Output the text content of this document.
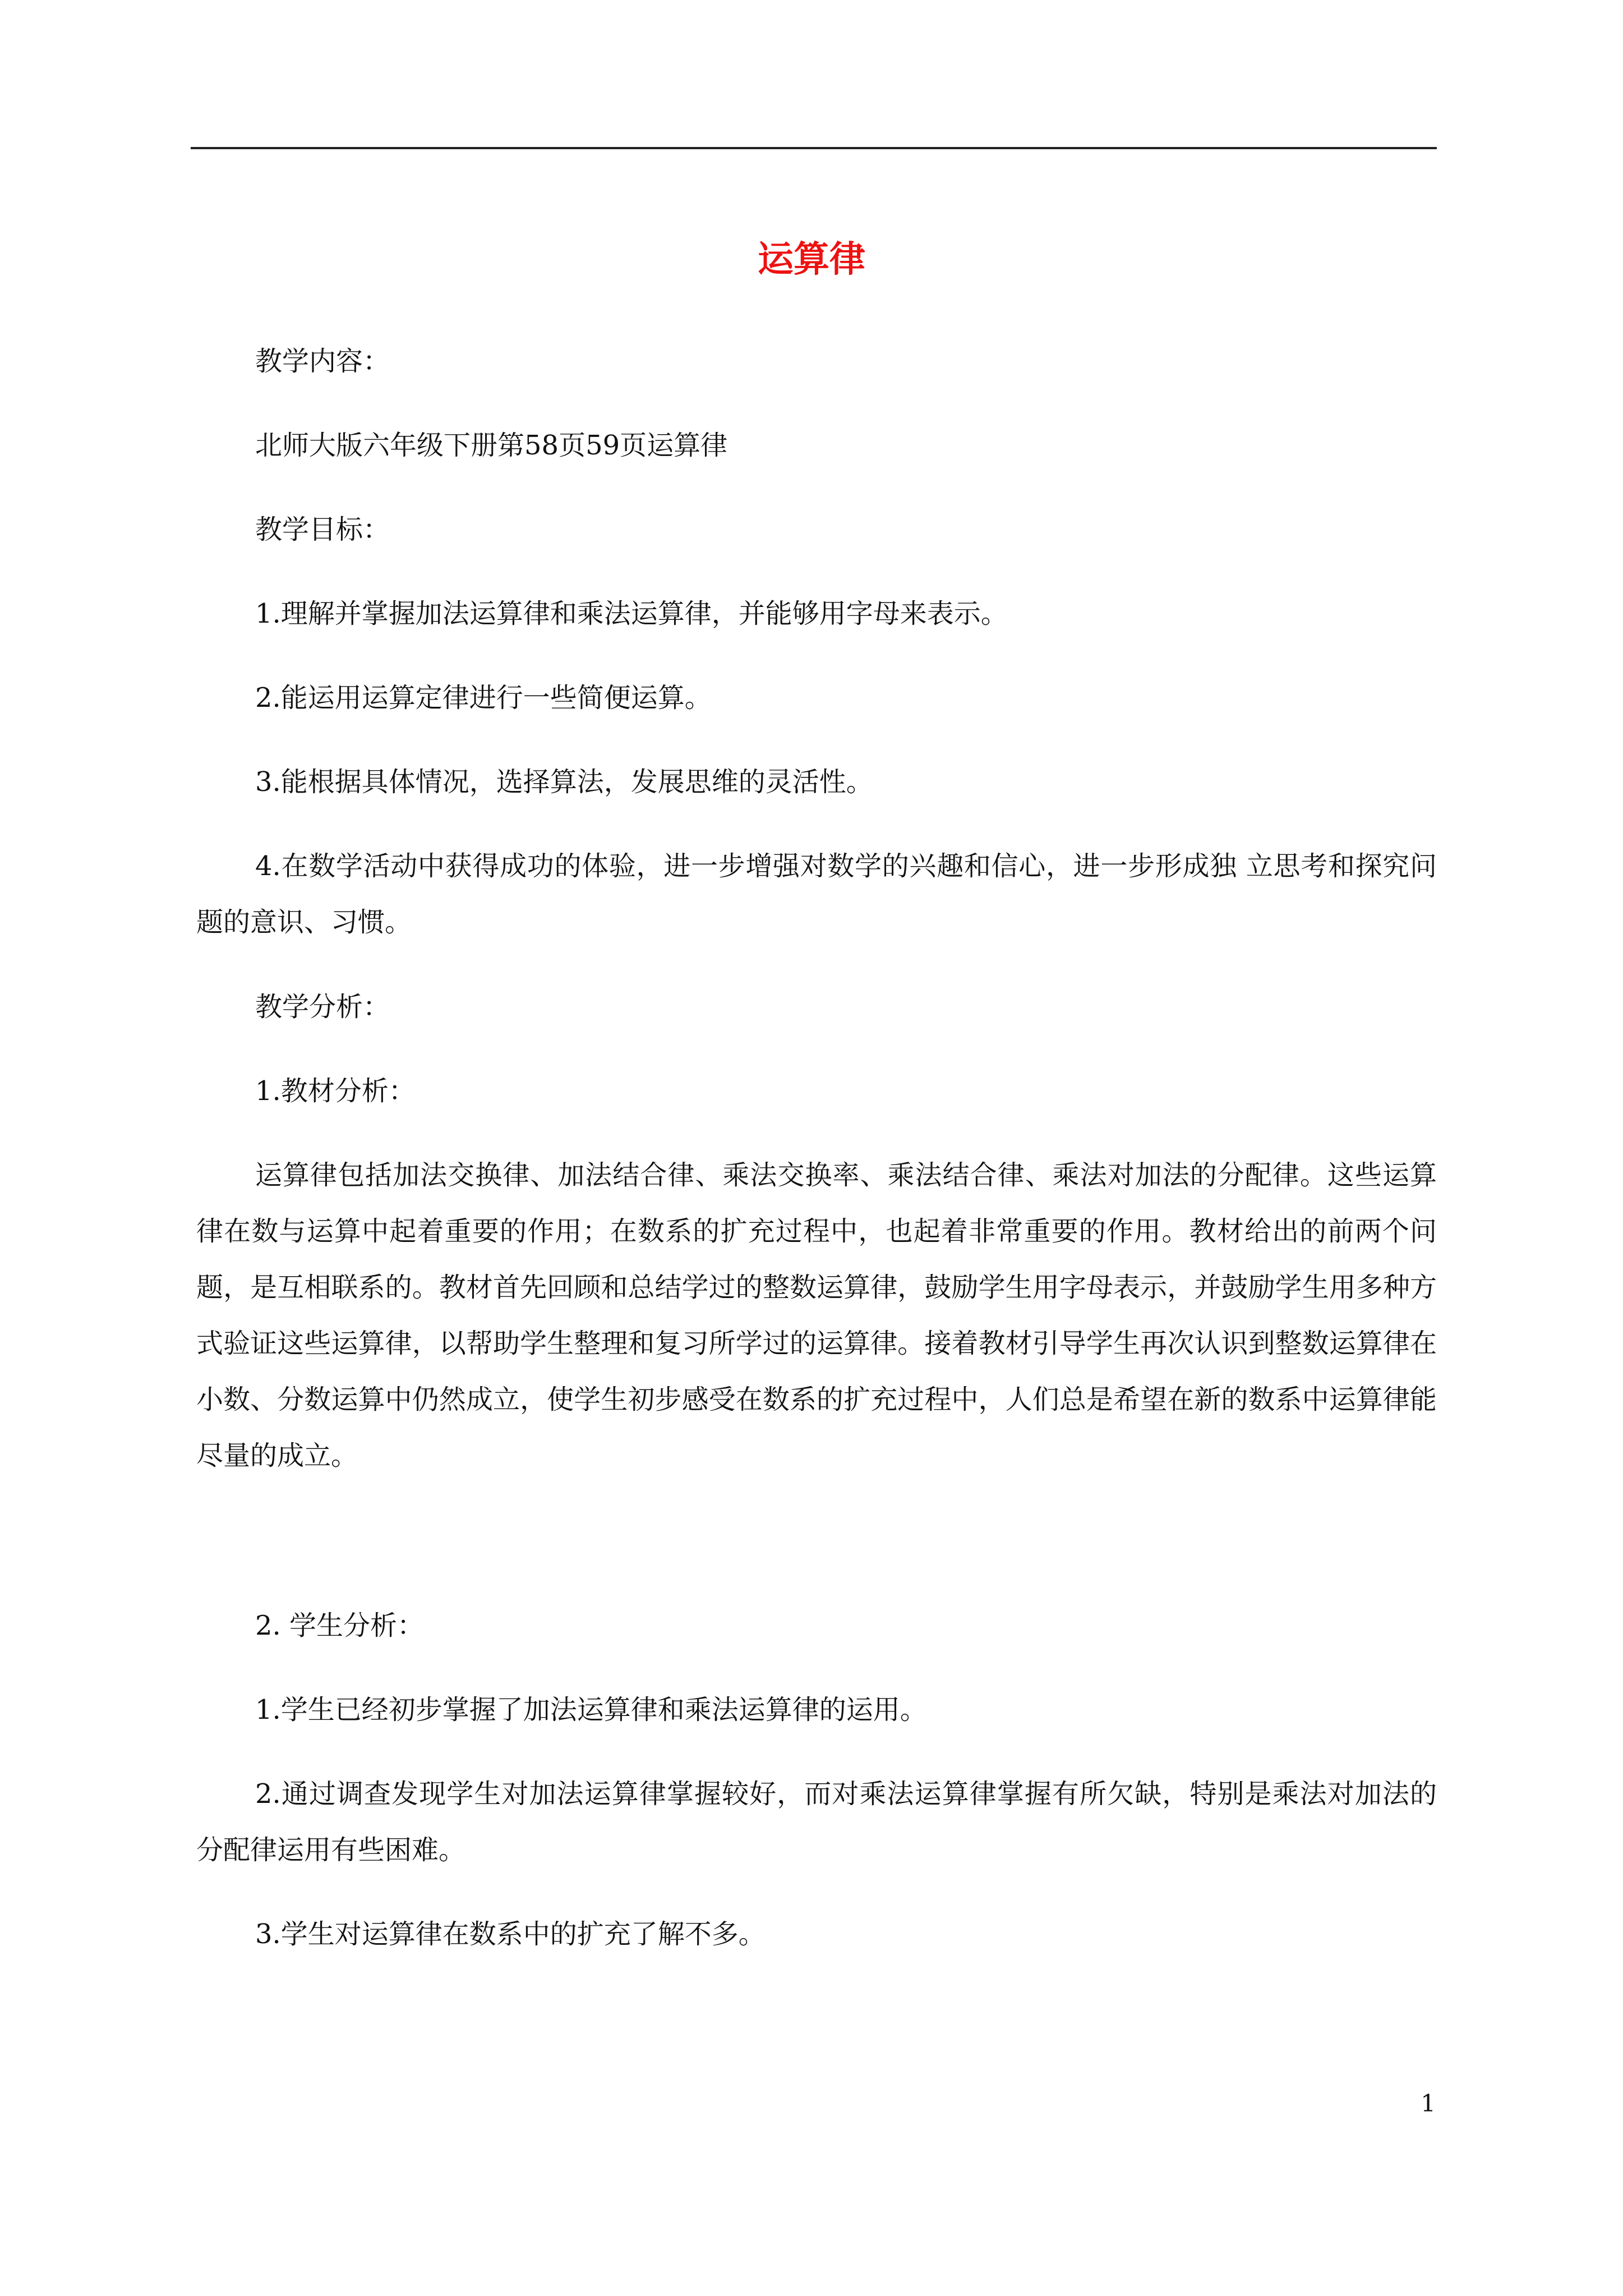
运算律

教学内容：

北师大版六年级下册第58页59页运算律

教学目标：

1.理解并掌握加法运算律和乘法运算律，并能够用字母来表示。

2.能运用运算定律进行一些简便运算。

3.能根据具体情况，选择算法，发展思维的灵活性。

4.在数学活动中获得成功的体验，进一步增强对数学的兴趣和信心，进一步形成独 立思考和探究问题的意识、习惯。

教学分析：

1.教材分析：

运算律包括加法交换律、加法结合律、乘法交换率、乘法结合律、乘法对加法的分配律。这些运算律在数与运算中起着重要的作用；在数系的扩充过程中，也起着非常重要的作用。教材给出的前两个问题，是互相联系的。教材首先回顾和总结学过的整数运算律，鼓励学生用字母表示，并鼓励学生用多种方式验证这些运算律，以帮助学生整理和复习所学过的运算律。接着教材引导学生再次认识到整数运算律在小数、分数运算中仍然成立，使学生初步感受在数系的扩充过程中，人们总是希望在新的数系中运算律能尽量的成立。

2. 学生分析：

1.学生已经初步掌握了加法运算律和乘法运算律的运用。

2.通过调查发现学生对加法运算律掌握较好，而对乘法运算律掌握有所欠缺，特别是乘法对加法的分配律运用有些困难。

3.学生对运算律在数系中的扩充了解不多。

1
